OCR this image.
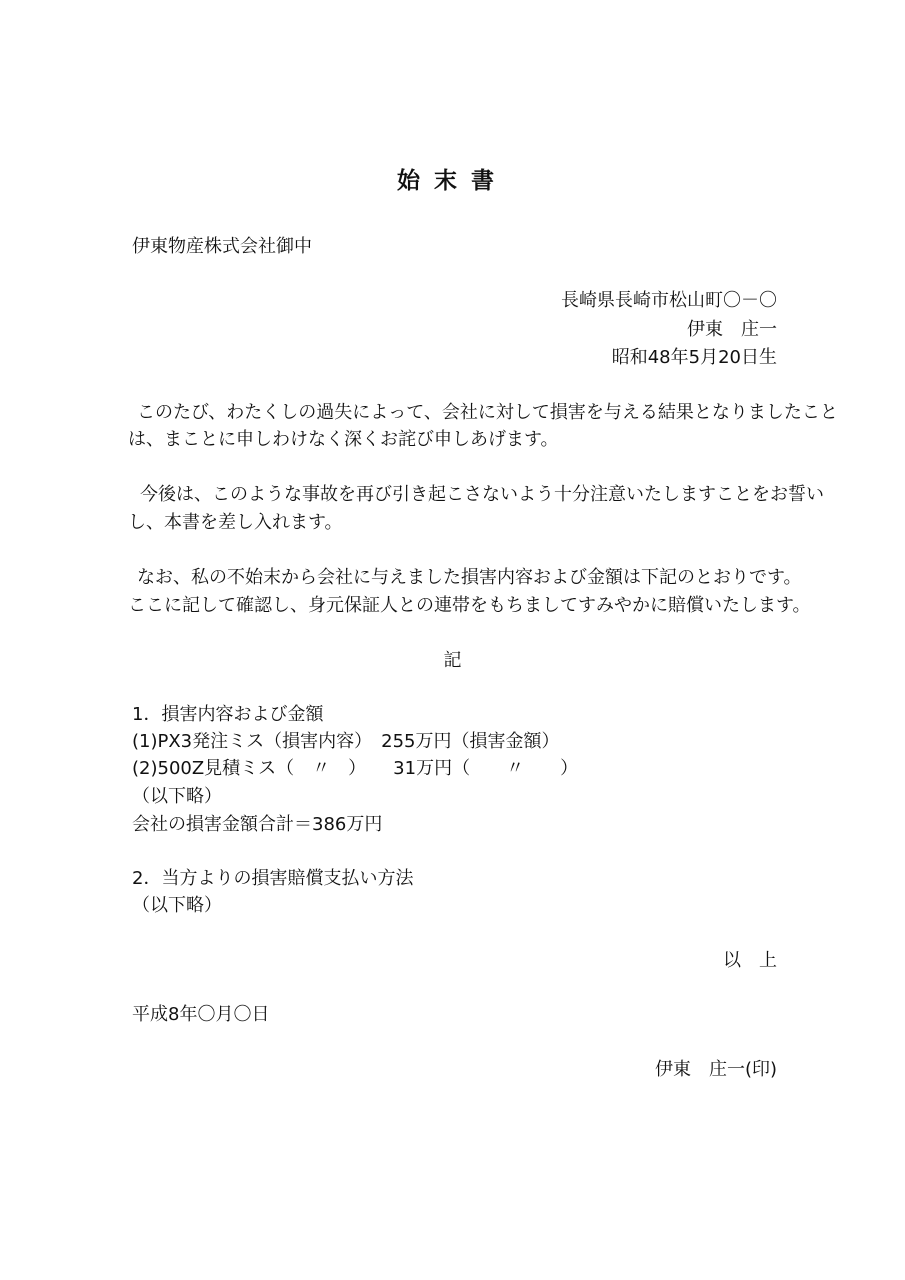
始末書
伊東物産株式会社御中
長崎県長崎市松山町〇－〇
伊東　庄一
昭和48年5月20日生
このたび、わたくしの過失によって、会社に対して損害を与える結果となりましたこと
は、まことに申しわけなく深くお詫び申しあげます。
今後は、このような事故を再び引き起こさないよう十分注意いたしますことをお誓い
し、本書を差し入れます。
なお、私の不始末から会社に与えました損害内容および金額は下記のとおりです。
ここに記して確認し、身元保証人との連帯をもちましてすみやかに賠償いたします。
記
1．損害内容および金額
(1)PX3発注ミス（損害内容）　255万円（損害金額）
(2)500Z見積ミス（　〃　）　　31万円（　　〃　　）
（以下略）
会社の損害金額合計＝386万円
2．当方よりの損害賠償支払い方法
（以下略）
以　上
平成8年〇月〇日
伊東　庄一(印)
